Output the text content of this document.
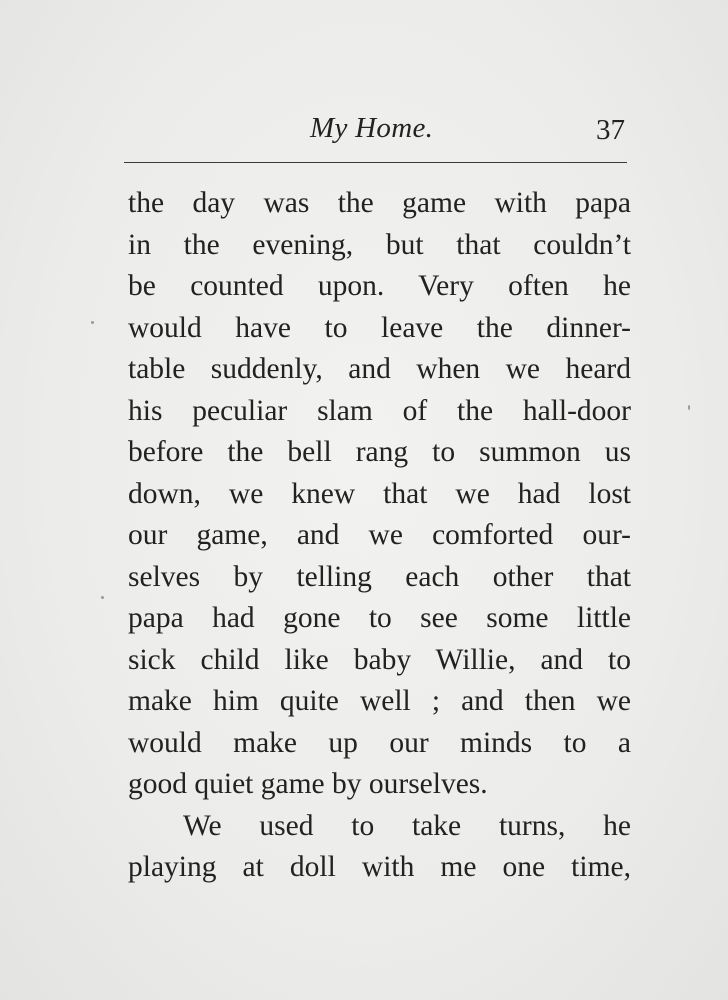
My Home.	37
the day was the game with papa
in the evening, but that couldn’t
be counted upon. Very often he
would have to leave the dinner-
table suddenly, and when we heard
his peculiar slam of the hall-door
before the bell rang to summon us
down, we knew that we had lost
our game, and we comforted our-
selves by telling each other that
papa had gone to see some little
sick child like baby Willie, and to
make him quite well ; and then we
would make up our minds to a
good quiet game by ourselves.
We used to take turns, he
playing at doll with me one time,
